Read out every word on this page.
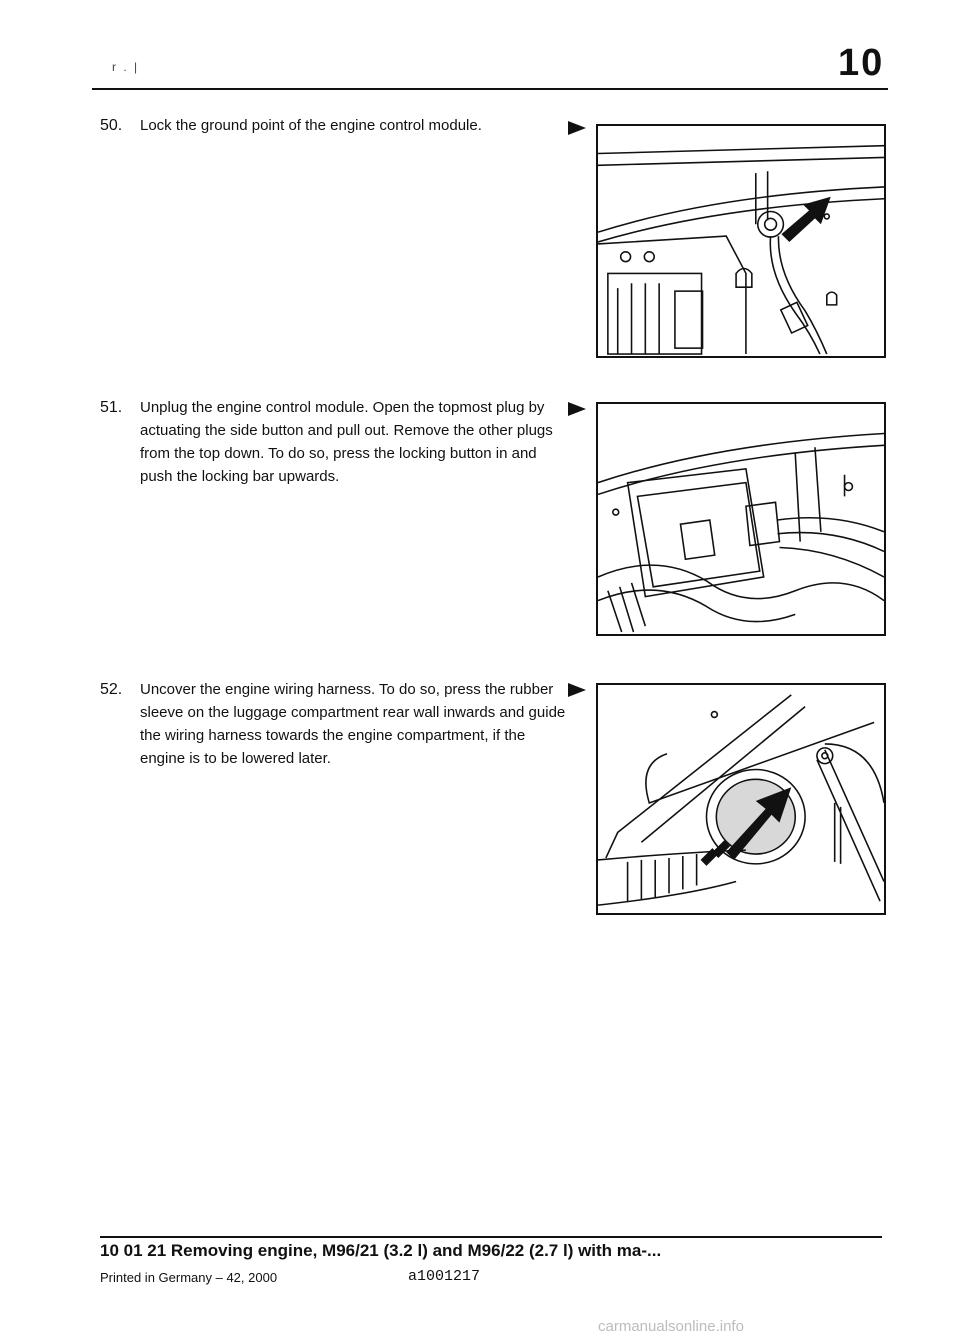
r . |	10
50.	Lock the ground point of the engine control module.
51.	Unplug the engine control module. Open the topmost plug by actuating the side button and pull out. Remove the other plugs from the top down. To do so, press the locking button in and push the locking bar upwards.
52.	Uncover the engine wiring harness. To do so, press the rubber sleeve on the luggage compartment rear wall inwards and guide the wiring harness towards the engine compartment, if the engine is to be lowered later.
10 01 21 Removing engine, M96/21 (3.2 l) and M96/22 (2.7 l) with ma-...
Printed in Germany – 42, 2000	a1001217
carmanualsonline.info
